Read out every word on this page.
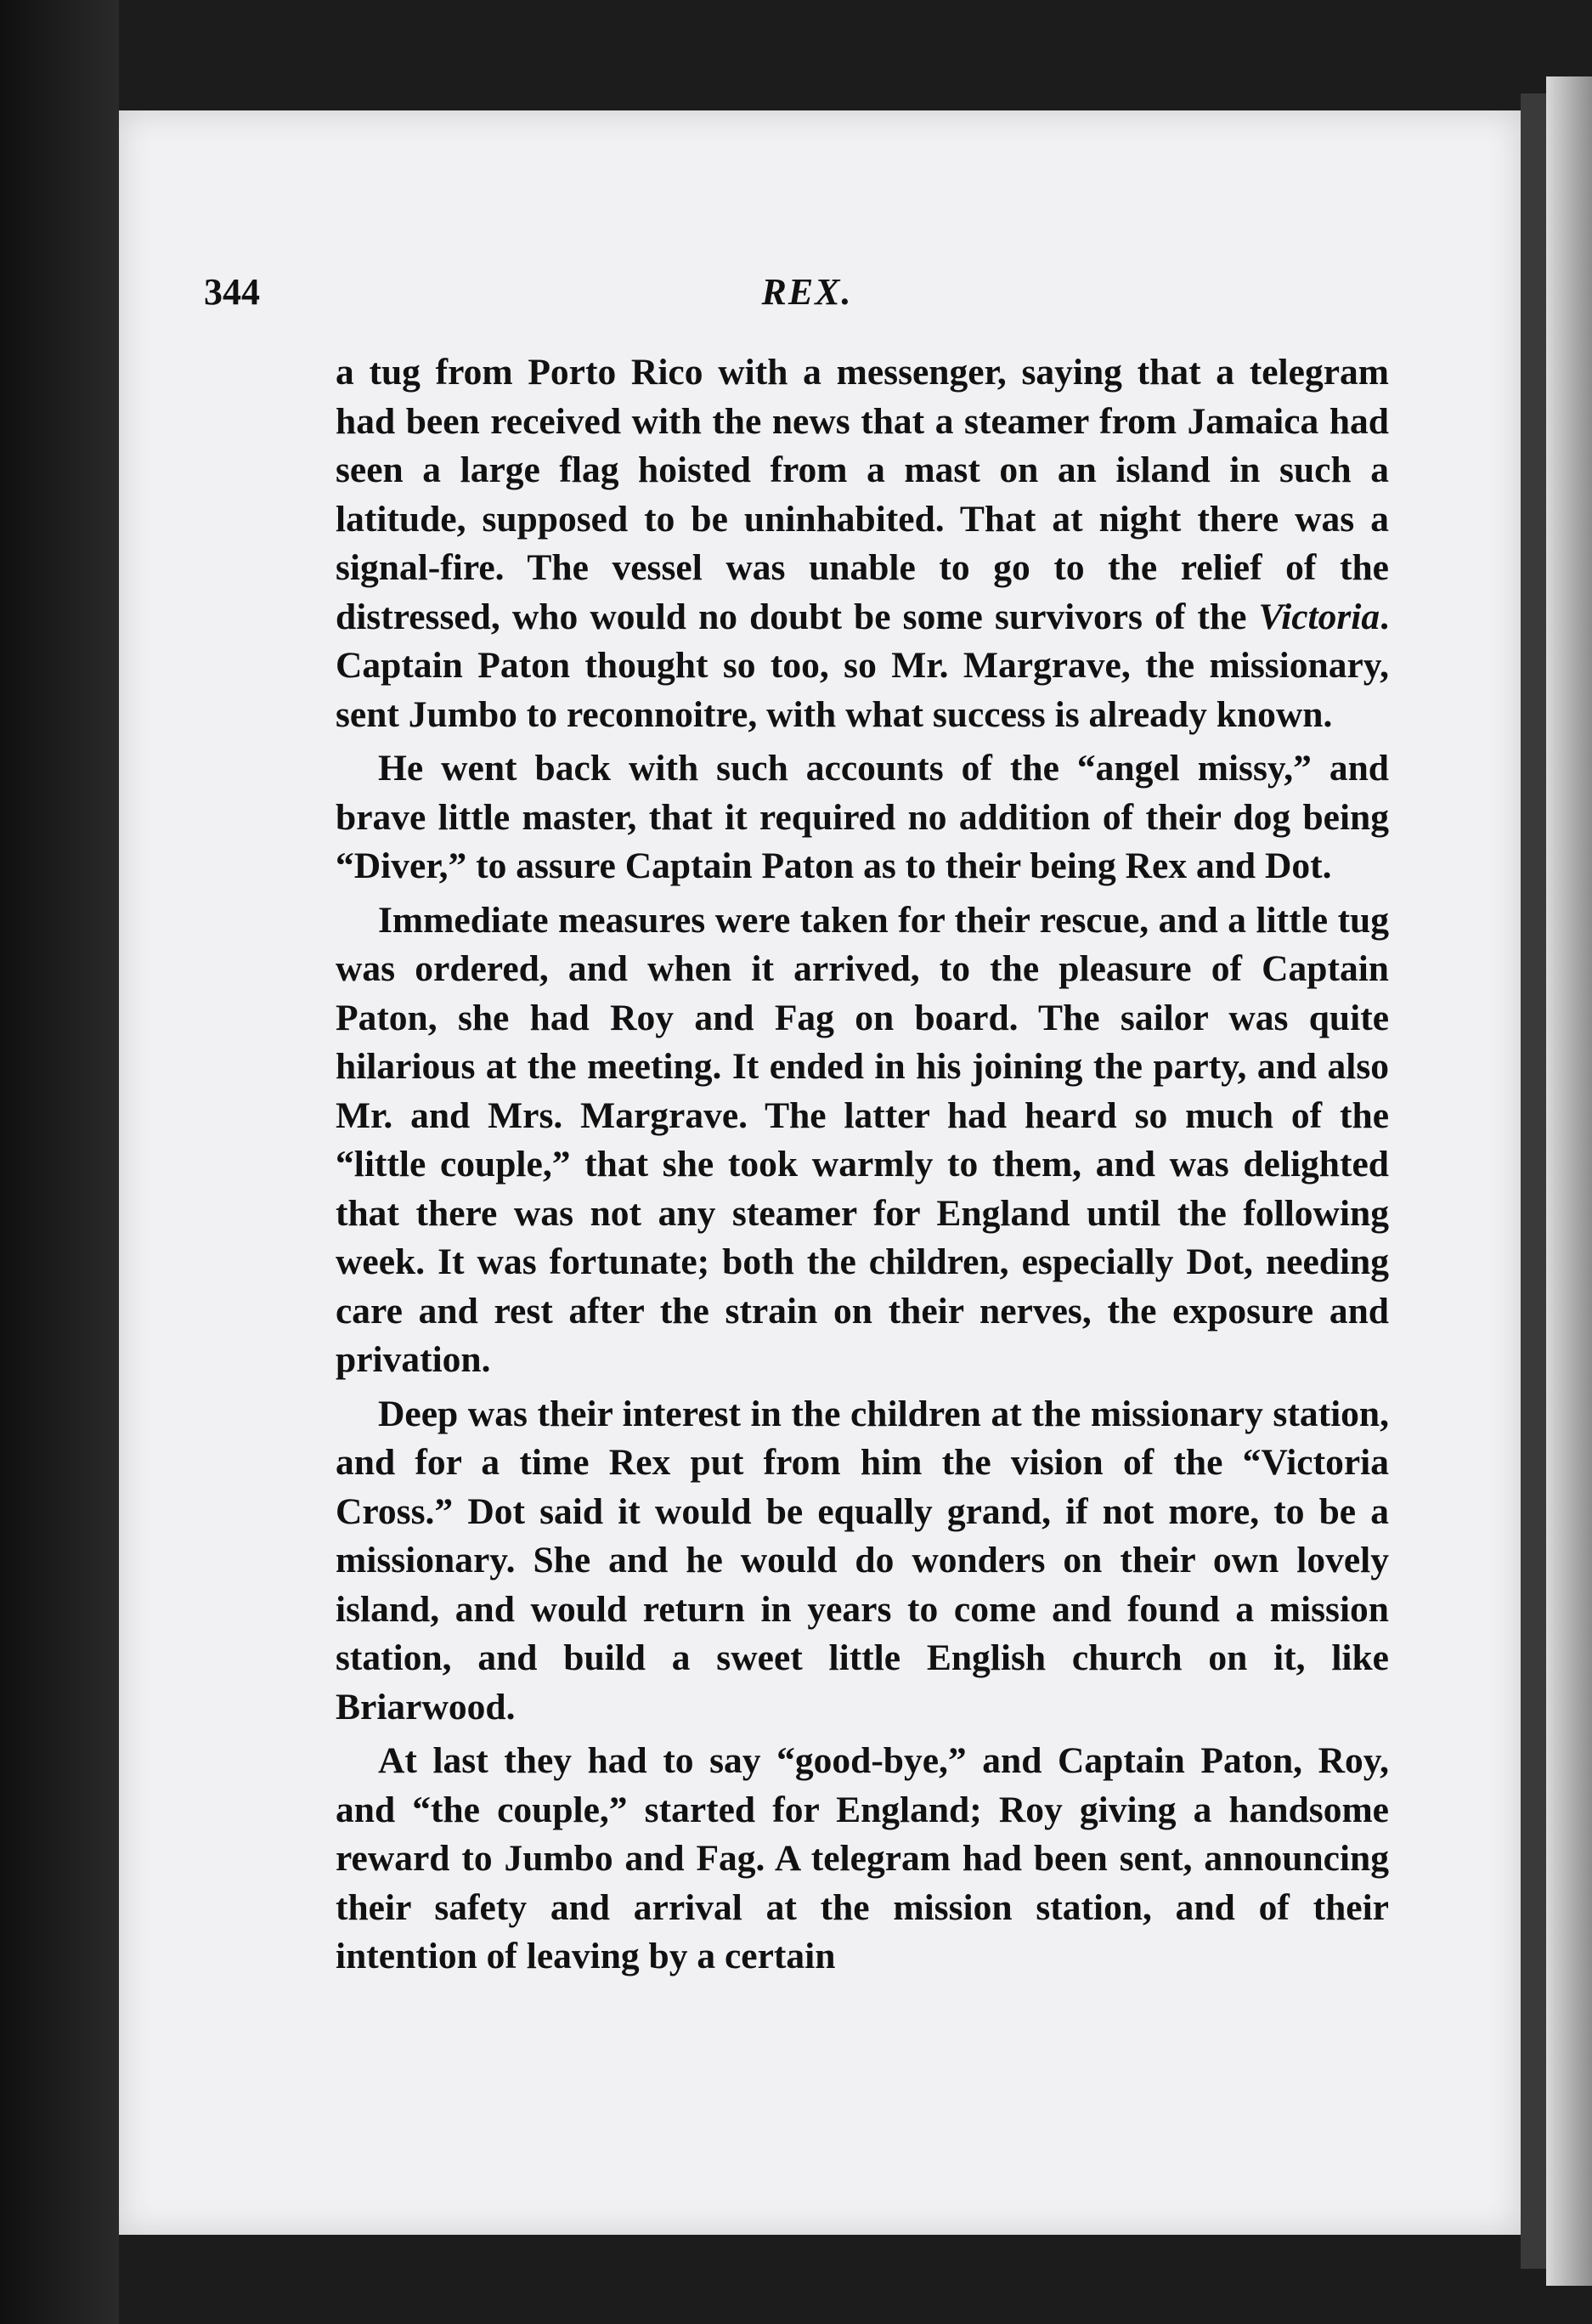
344	REX.

a tug from Porto Rico with a messenger, saying that a telegram had been received with the news that a steamer from Jamaica had seen a large flag hoisted from a mast on an island in such a latitude, supposed to be uninhabited. That at night there was a signal-fire. The vessel was unable to go to the relief of the distressed, who would no doubt be some survivors of the Victoria. Captain Paton thought so too, so Mr. Margrave, the missionary, sent Jumbo to reconnoitre, with what success is already known.

He went back with such accounts of the “angel missy,” and brave little master, that it required no addition of their dog being “Diver,” to assure Captain Paton as to their being Rex and Dot.

Immediate measures were taken for their rescue, and a little tug was ordered, and when it arrived, to the pleasure of Captain Paton, she had Roy and Fag on board. The sailor was quite hilarious at the meeting. It ended in his joining the party, and also Mr. and Mrs. Margrave. The latter had heard so much of the “little couple,” that she took warmly to them, and was delighted that there was not any steamer for England until the following week. It was fortunate; both the children, especially Dot, needing care and rest after the strain on their nerves, the exposure and privation.

Deep was their interest in the children at the missionary station, and for a time Rex put from him the vision of the “Victoria Cross.” Dot said it would be equally grand, if not more, to be a missionary. She and he would do wonders on their own lovely island, and would return in years to come and found a mission station, and build a sweet little English church on it, like Briarwood.

At last they had to say “good-bye,” and Captain Paton, Roy, and “the couple,” started for England; Roy giving a handsome reward to Jumbo and Fag. A telegram had been sent, announcing their safety and arrival at the mission station, and of their intention of leaving by a certain
